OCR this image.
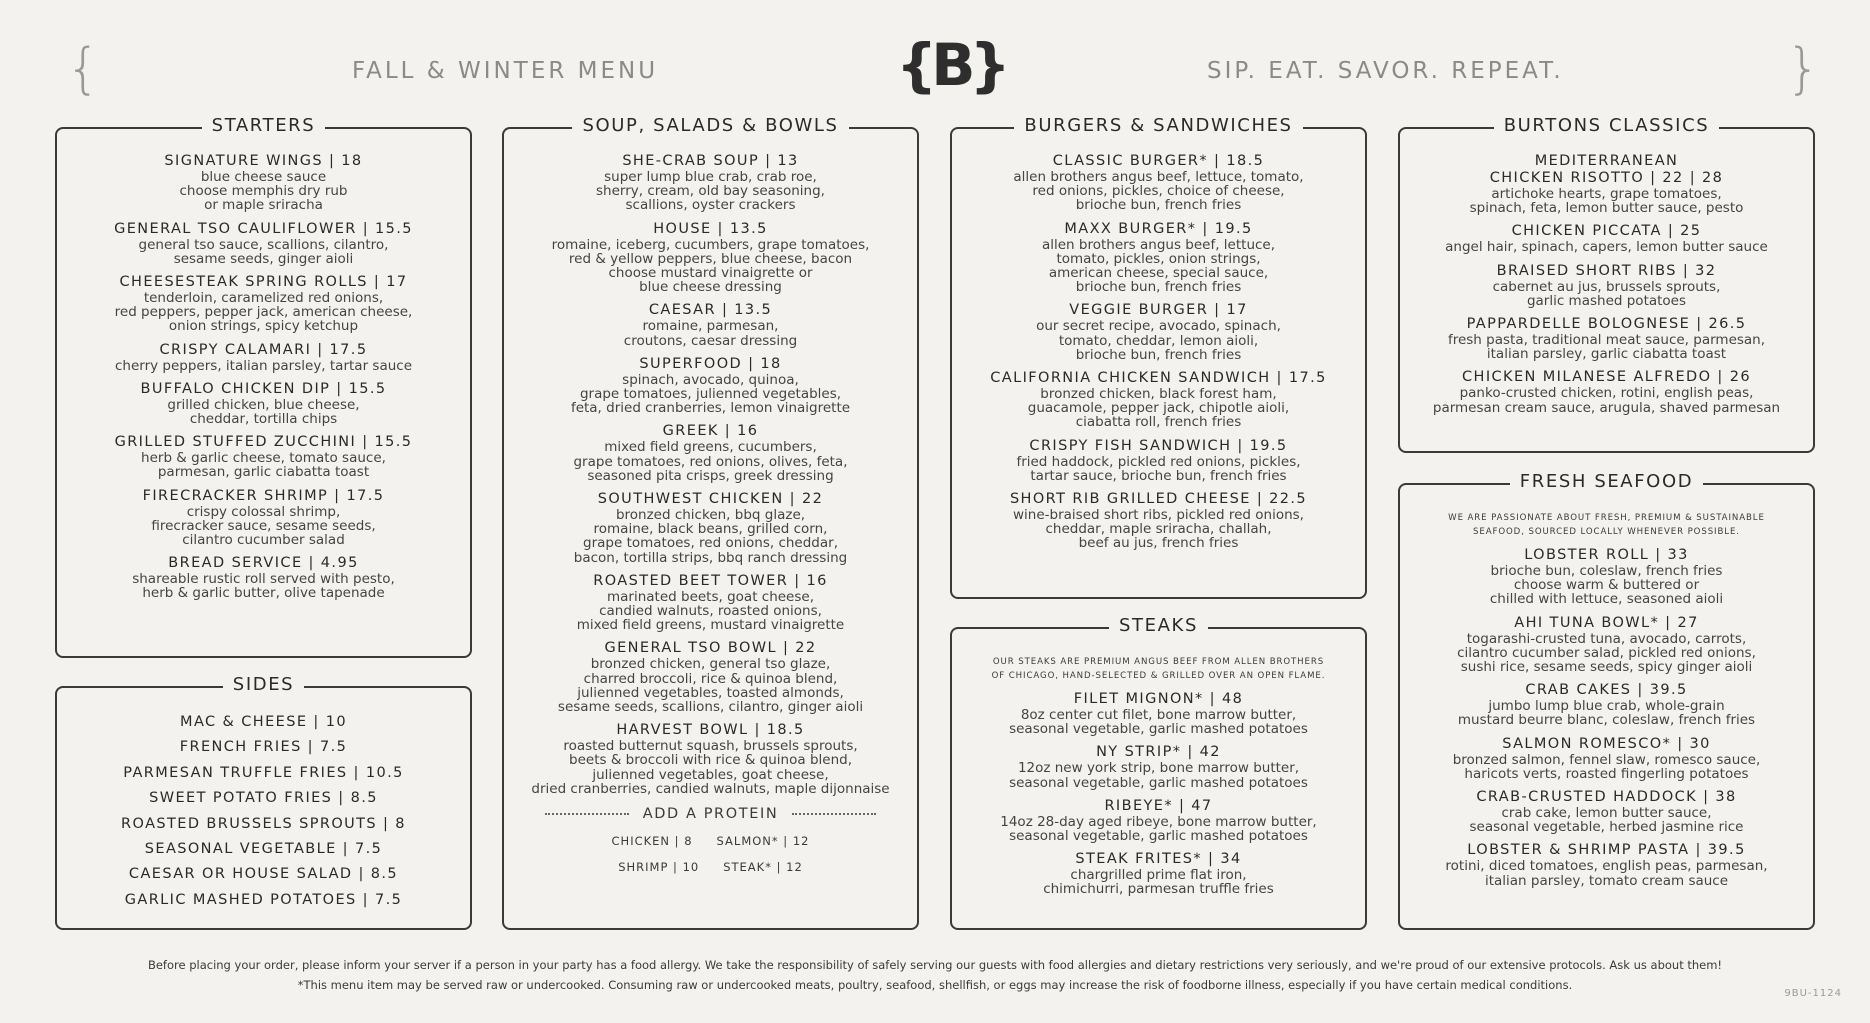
{	FALL & WINTER MENU	{B}	SIP. EAT. SAVOR. REPEAT.	}
STARTERS
SIGNATURE WINGS | 18
blue cheese sauce
choose memphis dry rub
or maple sriracha
GENERAL TSO CAULIFLOWER | 15.5
general tso sauce, scallions, cilantro,
sesame seeds, ginger aioli
CHEESESTEAK SPRING ROLLS | 17
tenderloin, caramelized red onions,
red peppers, pepper jack, american cheese,
onion strings, spicy ketchup
CRISPY CALAMARI | 17.5
cherry peppers, italian parsley, tartar sauce
BUFFALO CHICKEN DIP | 15.5
grilled chicken, blue cheese,
cheddar, tortilla chips
GRILLED STUFFED ZUCCHINI | 15.5
herb & garlic cheese, tomato sauce,
parmesan, garlic ciabatta toast
FIRECRACKER SHRIMP | 17.5
crispy colossal shrimp,
firecracker sauce, sesame seeds,
cilantro cucumber salad
BREAD SERVICE | 4.95
shareable rustic roll served with pesto,
herb & garlic butter, olive tapenade
SIDES
MAC & CHEESE | 10
FRENCH FRIES | 7.5
PARMESAN TRUFFLE FRIES | 10.5
SWEET POTATO FRIES | 8.5
ROASTED BRUSSELS SPROUTS | 8
SEASONAL VEGETABLE | 7.5
CAESAR OR HOUSE SALAD | 8.5
GARLIC MASHED POTATOES | 7.5
SOUP, SALADS & BOWLS
SHE-CRAB SOUP | 13
super lump blue crab, crab roe,
sherry, cream, old bay seasoning,
scallions, oyster crackers
HOUSE | 13.5
romaine, iceberg, cucumbers, grape tomatoes,
red & yellow peppers, blue cheese, bacon
choose mustard vinaigrette or
blue cheese dressing
CAESAR | 13.5
romaine, parmesan,
croutons, caesar dressing
SUPERFOOD | 18
spinach, avocado, quinoa,
grape tomatoes, julienned vegetables,
feta, dried cranberries, lemon vinaigrette
GREEK | 16
mixed field greens, cucumbers,
grape tomatoes, red onions, olives, feta,
seasoned pita crisps, greek dressing
SOUTHWEST CHICKEN | 22
bronzed chicken, bbq glaze,
romaine, black beans, grilled corn,
grape tomatoes, red onions, cheddar,
bacon, tortilla strips, bbq ranch dressing
ROASTED BEET TOWER | 16
marinated beets, goat cheese,
candied walnuts, roasted onions,
mixed field greens, mustard vinaigrette
GENERAL TSO BOWL | 22
bronzed chicken, general tso glaze,
charred broccoli, rice & quinoa blend,
julienned vegetables, toasted almonds,
sesame seeds, scallions, cilantro, ginger aioli
HARVEST BOWL | 18.5
roasted butternut squash, brussels sprouts,
beets & broccoli with rice & quinoa blend,
julienned vegetables, goat cheese,
dried cranberries, candied walnuts, maple dijonnaise
ADD A PROTEIN
CHICKEN | 8 SALMON* | 12
SHRIMP | 10 STEAK* | 12
BURGERS & SANDWICHES
CLASSIC BURGER* | 18.5
allen brothers angus beef, lettuce, tomato,
red onions, pickles, choice of cheese,
brioche bun, french fries
MAXX BURGER* | 19.5
allen brothers angus beef, lettuce,
tomato, pickles, onion strings,
american cheese, special sauce,
brioche bun, french fries
VEGGIE BURGER | 17
our secret recipe, avocado, spinach,
tomato, cheddar, lemon aioli,
brioche bun, french fries
CALIFORNIA CHICKEN SANDWICH | 17.5
bronzed chicken, black forest ham,
guacamole, pepper jack, chipotle aioli,
ciabatta roll, french fries
CRISPY FISH SANDWICH | 19.5
fried haddock, pickled red onions, pickles,
tartar sauce, brioche bun, french fries
SHORT RIB GRILLED CHEESE | 22.5
wine-braised short ribs, pickled red onions,
cheddar, maple sriracha, challah,
beef au jus, french fries
STEAKS
OUR STEAKS ARE PREMIUM ANGUS BEEF FROM ALLEN BROTHERS
OF CHICAGO, HAND-SELECTED & GRILLED OVER AN OPEN FLAME.
FILET MIGNON* | 48
8oz center cut filet, bone marrow butter,
seasonal vegetable, garlic mashed potatoes
NY STRIP* | 42
12oz new york strip, bone marrow butter,
seasonal vegetable, garlic mashed potatoes
RIBEYE* | 47
14oz 28-day aged ribeye, bone marrow butter,
seasonal vegetable, garlic mashed potatoes
STEAK FRITES* | 34
chargrilled prime flat iron,
chimichurri, parmesan truffle fries
BURTONS CLASSICS
MEDITERRANEAN
CHICKEN RISOTTO | 22 | 28
artichoke hearts, grape tomatoes,
spinach, feta, lemon butter sauce, pesto
CHICKEN PICCATA | 25
angel hair, spinach, capers, lemon butter sauce
BRAISED SHORT RIBS | 32
cabernet au jus, brussels sprouts,
garlic mashed potatoes
PAPPARDELLE BOLOGNESE | 26.5
fresh pasta, traditional meat sauce, parmesan,
italian parsley, garlic ciabatta toast
CHICKEN MILANESE ALFREDO | 26
panko-crusted chicken, rotini, english peas,
parmesan cream sauce, arugula, shaved parmesan
FRESH SEAFOOD
WE ARE PASSIONATE ABOUT FRESH, PREMIUM & SUSTAINABLE
SEAFOOD, SOURCED LOCALLY WHENEVER POSSIBLE.
LOBSTER ROLL | 33
brioche bun, coleslaw, french fries
choose warm & buttered or
chilled with lettuce, seasoned aioli
AHI TUNA BOWL* | 27
togarashi-crusted tuna, avocado, carrots,
cilantro cucumber salad, pickled red onions,
sushi rice, sesame seeds, spicy ginger aioli
CRAB CAKES | 39.5
jumbo lump blue crab, whole-grain
mustard beurre blanc, coleslaw, french fries
SALMON ROMESCO* | 30
bronzed salmon, fennel slaw, romesco sauce,
haricots verts, roasted fingerling potatoes
CRAB-CRUSTED HADDOCK | 38
crab cake, lemon butter sauce,
seasonal vegetable, herbed jasmine rice
LOBSTER & SHRIMP PASTA | 39.5
rotini, diced tomatoes, english peas, parmesan,
italian parsley, tomato cream sauce
Before placing your order, please inform your server if a person in your party has a food allergy. We take the responsibility of safely serving our guests with food allergies and dietary restrictions very seriously, and we're proud of our extensive protocols. Ask us about them!
*This menu item may be served raw or undercooked. Consuming raw or undercooked meats, poultry, seafood, shellfish, or eggs may increase the risk of foodborne illness, especially if you have certain medical conditions.
9BU-1124
